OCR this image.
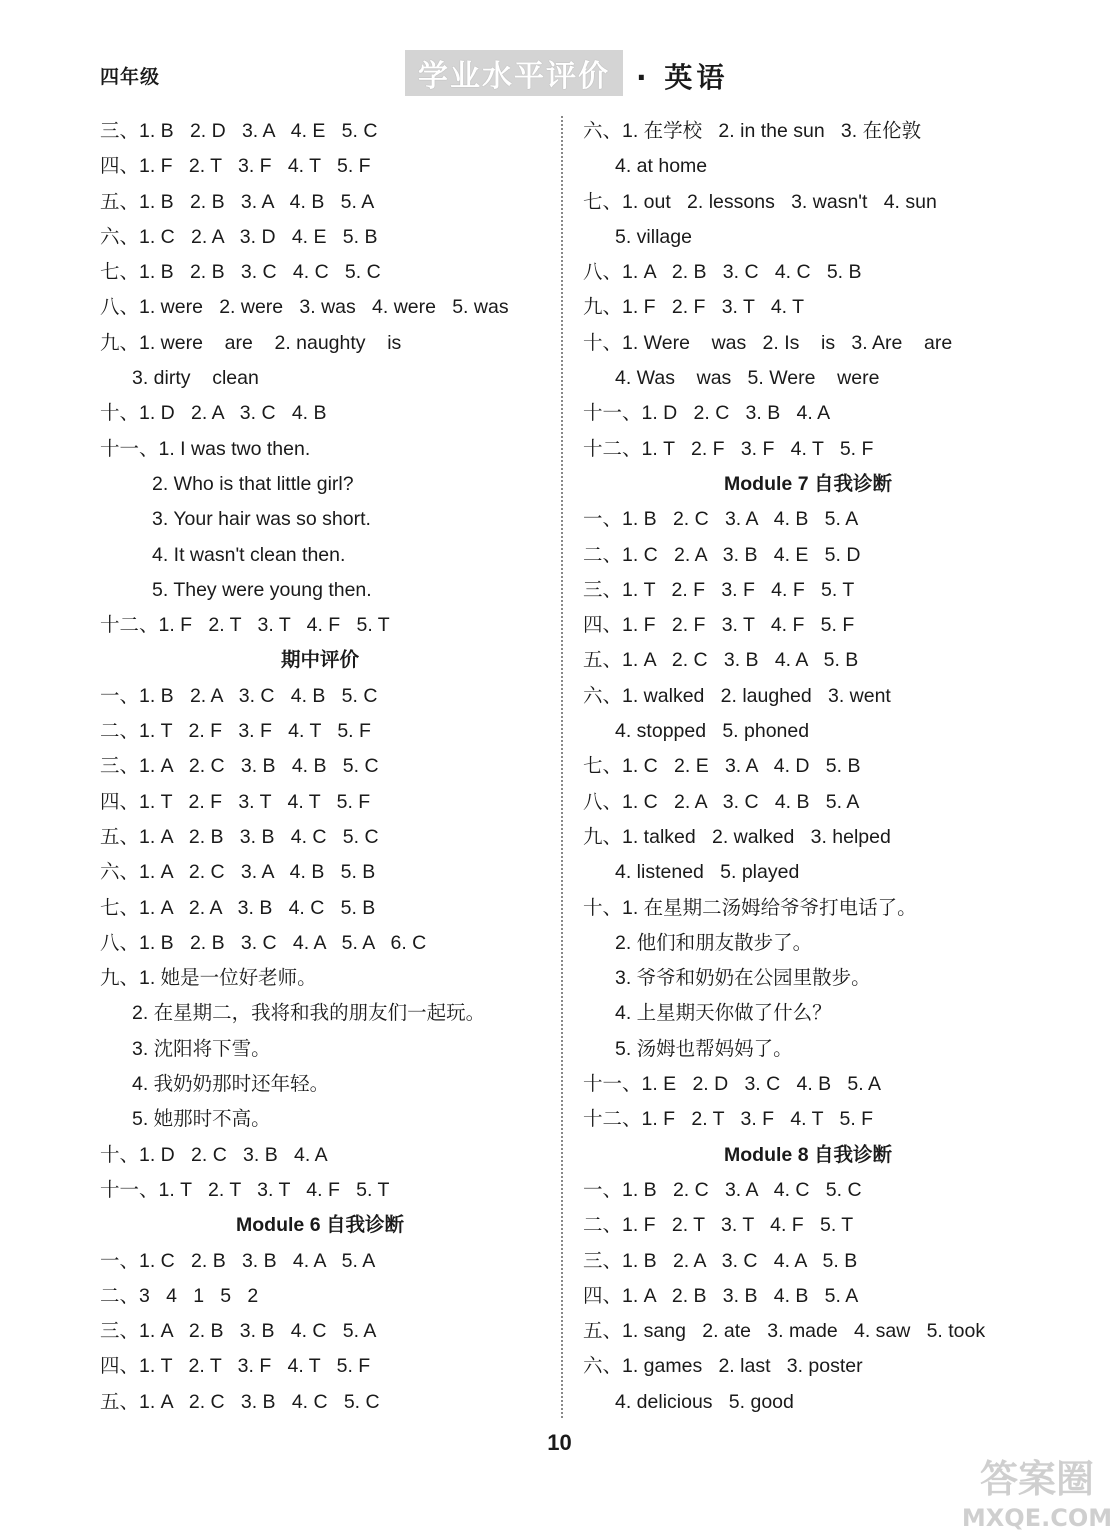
四年级	学业水平评价 · 英语
三、1. B   2. D   3. A   4. E   5. C
四、1. F   2. T   3. F   4. T   5. F
五、1. B   2. B   3. A   4. B   5. A
六、1. C   2. A   3. D   4. E   5. B
七、1. B   2. B   3. C   4. C   5. C
八、1. were   2. were   3. was   4. were   5. was
九、1. were    are    2. naughty    is
3. dirty    clean
十、1. D   2. A   3. C   4. B
十一、1. I was two then.
2. Who is that little girl?
3. Your hair was so short.
4. It wasn't clean then.
5. They were young then.
十二、1. F   2. T   3. T   4. F   5. T
期中评价
一、1. B   2. A   3. C   4. B   5. C
二、1. T   2. F   3. F   4. T   5. F
三、1. A   2. C   3. B   4. B   5. C
四、1. T   2. F   3. T   4. T   5. F
五、1. A   2. B   3. B   4. C   5. C
六、1. A   2. C   3. A   4. B   5. B
七、1. A   2. A   3. B   4. C   5. B
八、1. B   2. B   3. C   4. A   5. A   6. C
九、1. 她是一位好老师。
2. 在星期二，我将和我的朋友们一起玩。
3. 沈阳将下雪。
4. 我奶奶那时还年轻。
5. 她那时不高。
十、1. D   2. C   3. B   4. A
十一、1. T   2. T   3. T   4. F   5. T
Module 6 自我诊断
一、1. C   2. B   3. B   4. A   5. A
二、3   4   1   5   2
三、1. A   2. B   3. B   4. C   5. A
四、1. T   2. T   3. F   4. T   5. F
五、1. A   2. C   3. B   4. C   5. C
六、1. 在学校   2. in the sun   3. 在伦敦
4. at home
七、1. out   2. lessons   3. wasn't   4. sun
5. village
八、1. A   2. B   3. C   4. C   5. B
九、1. F   2. F   3. T   4. T
十、1. Were    was   2. Is    is   3. Are    are
4. Was    was   5. Were    were
十一、1. D   2. C   3. B   4. A
十二、1. T   2. F   3. F   4. T   5. F
Module 7 自我诊断
一、1. B   2. C   3. A   4. B   5. A
二、1. C   2. A   3. B   4. E   5. D
三、1. T   2. F   3. F   4. F   5. T
四、1. F   2. F   3. T   4. F   5. F
五、1. A   2. C   3. B   4. A   5. B
六、1. walked   2. laughed   3. went
4. stopped   5. phoned
七、1. C   2. E   3. A   4. D   5. B
八、1. C   2. A   3. C   4. B   5. A
九、1. talked   2. walked   3. helped
4. listened   5. played
十、1. 在星期二汤姆给爷爷打电话了。
2. 他们和朋友散步了。
3. 爷爷和奶奶在公园里散步。
4. 上星期天你做了什么？
5. 汤姆也帮妈妈了。
十一、1. E   2. D   3. C   4. B   5. A
十二、1. F   2. T   3. F   4. T   5. F
Module 8 自我诊断
一、1. B   2. C   3. A   4. C   5. C
二、1. F   2. T   3. T   4. F   5. T
三、1. B   2. A   3. C   4. A   5. B
四、1. A   2. B   3. B   4. B   5. A
五、1. sang   2. ate   3. made   4. saw   5. took
六、1. games   2. last   3. poster
4. delicious   5. good
10
答案圈
MXQE.COM
